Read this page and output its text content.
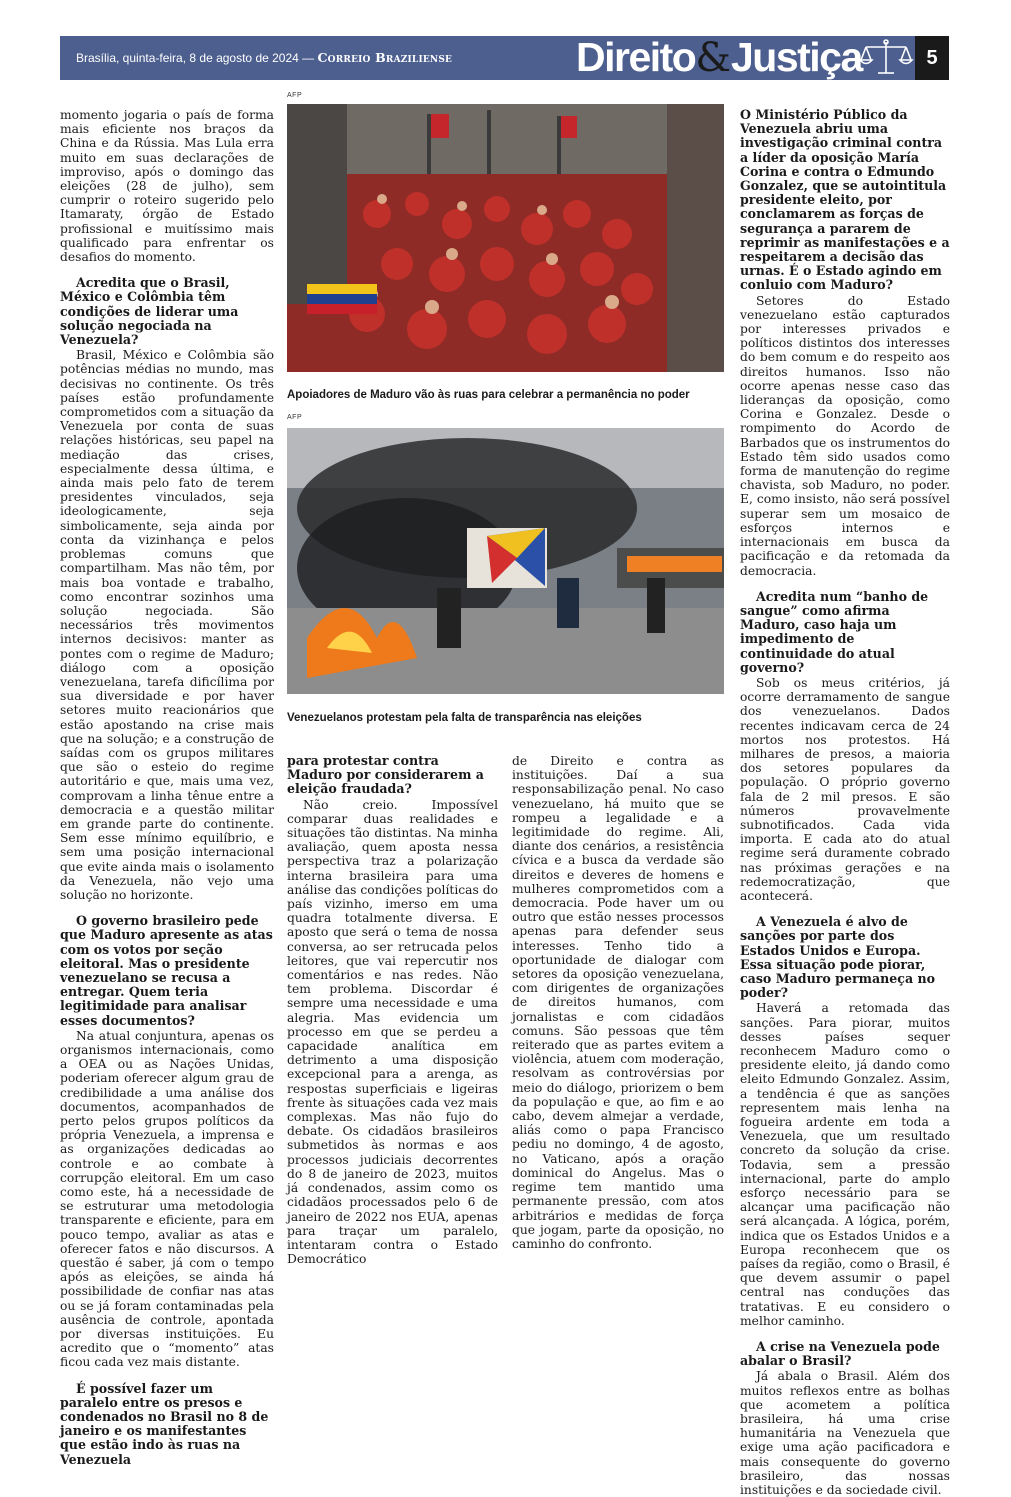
Brasília, quinta-feira, 8 de agosto de 2024 — Correio Braziliense	Direito&Justiça	5

momento jogaria o país de forma mais eficiente nos braços da China e da Rússia. Mas Lula erra muito em suas declarações de improviso, após o domingo das eleições (28 de julho), sem cumprir o roteiro sugerido pelo Itamaraty, órgão de Estado profissional e muitíssimo mais qualificado para enfrentar os desafios do momento.

Acredita que o Brasil, México e Colômbia têm condições de liderar uma solução negociada na Venezuela?

Brasil, México e Colômbia são potências médias no mundo, mas decisivas no continente. Os três países estão profundamente comprometidos com a situação da Venezuela por conta de suas relações históricas, seu papel na mediação das crises, especialmente dessa última, e ainda mais pelo fato de terem presidentes vinculados, seja ideologicamente, seja simbolicamente, seja ainda por conta da vizinhança e pelos problemas comuns que compartilham. Mas não têm, por mais boa vontade e trabalho, como encontrar sozinhos uma solução negociada. São necessários três movimentos internos decisivos: manter as pontes com o regime de Maduro; diálogo com a oposição venezuelana, tarefa dificílima por sua diversidade e por haver setores muito reacionários que estão apostando na crise mais que na solução; e a construção de saídas com os grupos militares que são o esteio do regime autoritário e que, mais uma vez, comprovam a linha tênue entre a democracia e a questão militar em grande parte do continente. Sem esse mínimo equilíbrio, e sem uma posição internacional que evite ainda mais o isolamento da Venezuela, não vejo uma solução no horizonte.

O governo brasileiro pede que Maduro apresente as atas com os votos por seção eleitoral. Mas o presidente venezuelano se recusa a entregar. Quem teria legitimidade para analisar esses documentos?

Na atual conjuntura, apenas os organismos internacionais, como a OEA ou as Nações Unidas, poderiam oferecer algum grau de credibilidade a uma análise dos documentos, acompanhados de perto pelos grupos políticos da própria Venezuela, a imprensa e as organizações dedicadas ao controle e ao combate à corrupção eleitoral. Em um caso como este, há a necessidade de se estruturar uma metodologia transparente e eficiente, para em pouco tempo, avaliar as atas e oferecer fatos e não discursos. A questão é saber, já com o tempo após as eleições, se ainda há possibilidade de confiar nas atas ou se já foram contaminadas pela ausência de controle, apontada por diversas instituições. Eu acredito que o “momento” atas ficou cada vez mais distante.

É possível fazer um paralelo entre os presos e condenados no Brasil no 8 de janeiro e os manifestantes que estão indo às ruas na Venezuela

AFP
Apoiadores de Maduro vão às ruas para celebrar a permanência no poder
AFP
Venezuelanos protestam pela falta de transparência nas eleições

para protestar contra Maduro por considerarem a eleição fraudada?

Não creio. Impossível comparar duas realidades e situações tão distintas. Na minha avaliação, quem aposta nessa perspectiva traz a polarização interna brasileira para uma análise das condições políticas do país vizinho, imerso em uma quadra totalmente diversa. E aposto que será o tema de nossa conversa, ao ser retrucada pelos leitores, que vai repercutir nos comentários e nas redes. Não tem problema. Discordar é sempre uma necessidade e uma alegria. Mas evidencia um processo em que se perdeu a capacidade analítica em detrimento a uma disposição excepcional para a arenga, as respostas superficiais e ligeiras frente às situações cada vez mais complexas. Mas não fujo do debate. Os cidadãos brasileiros submetidos às normas e aos processos judiciais decorrentes do 8 de janeiro de 2023, muitos já condenados, assim como os cidadãos processados pelo 6 de janeiro de 2022 nos EUA, apenas para traçar um paralelo, intentaram contra o Estado Democrático

de Direito e contra as instituições. Daí a sua responsabilização penal. No caso venezuelano, há muito que se rompeu a legalidade e a legitimidade do regime. Ali, diante dos cenários, a resistência cívica e a busca da verdade são direitos e deveres de homens e mulheres comprometidos com a democracia. Pode haver um ou outro que estão nesses processos apenas para defender seus interesses. Tenho tido a oportunidade de dialogar com setores da oposição venezuelana, com dirigentes de organizações de direitos humanos, com jornalistas e com cidadãos comuns. São pessoas que têm reiterado que as partes evitem a violência, atuem com moderação, resolvam as controvérsias por meio do diálogo, priorizem o bem da população e que, ao fim e ao cabo, devem almejar a verdade, aliás como o papa Francisco pediu no domingo, 4 de agosto, no Vaticano, após a oração dominical do Angelus. Mas o regime tem mantido uma permanente pressão, com atos arbitrários e medidas de força que jogam, parte da oposição, no caminho do confronto.

O Ministério Público da Venezuela abriu uma investigação criminal contra a líder da oposição María Corina e contra o Edmundo Gonzalez, que se autointitula presidente eleito, por conclamarem as forças de segurança a pararem de reprimir as manifestações e a respeitarem a decisão das urnas. É o Estado agindo em conluio com Maduro?

Setores do Estado venezuelano estão capturados por interesses privados e políticos distintos dos interesses do bem comum e do respeito aos direitos humanos. Isso não ocorre apenas nesse caso das lideranças da oposição, como Corina e Gonzalez. Desde o rompimento do Acordo de Barbados que os instrumentos do Estado têm sido usados como forma de manutenção do regime chavista, sob Maduro, no poder. E, como insisto, não será possível superar sem um mosaico de esforços internos e internacionais em busca da pacificação e da retomada da democracia.

Acredita num “banho de sangue” como afirma Maduro, caso haja um impedimento de continuidade do atual governo?

Sob os meus critérios, já ocorre derramamento de sangue dos venezuelanos. Dados recentes indicavam cerca de 24 mortos nos protestos. Há milhares de presos, a maioria dos setores populares da população. O próprio governo fala de 2 mil presos. E são números provavelmente subnotificados. Cada vida importa. E cada ato do atual regime será duramente cobrado nas próximas gerações e na redemocratização, que acontecerá.

A Venezuela é alvo de sanções por parte dos Estados Unidos e Europa. Essa situação pode piorar, caso Maduro permaneça no poder?

Haverá a retomada das sanções. Para piorar, muitos desses países sequer reconhecem Maduro como o presidente eleito, já dando como eleito Edmundo Gonzalez. Assim, a tendência é que as sanções representem mais lenha na fogueira ardente em toda a Venezuela, que um resultado concreto da solução da crise. Todavia, sem a pressão internacional, parte do amplo esforço necessário para se alcançar uma pacificação não será alcançada. A lógica, porém, indica que os Estados Unidos e a Europa reconhecem que os países da região, como o Brasil, é que devem assumir o papel central nas conduções das tratativas. E eu considero o melhor caminho.

A crise na Venezuela pode abalar o Brasil?

Já abala o Brasil. Além dos muitos reflexos entre as bolhas que acometem a política brasileira, há uma crise humanitária na Venezuela que exige uma ação pacificadora e mais consequente do governo brasileiro, das nossas instituições e da sociedade civil.
